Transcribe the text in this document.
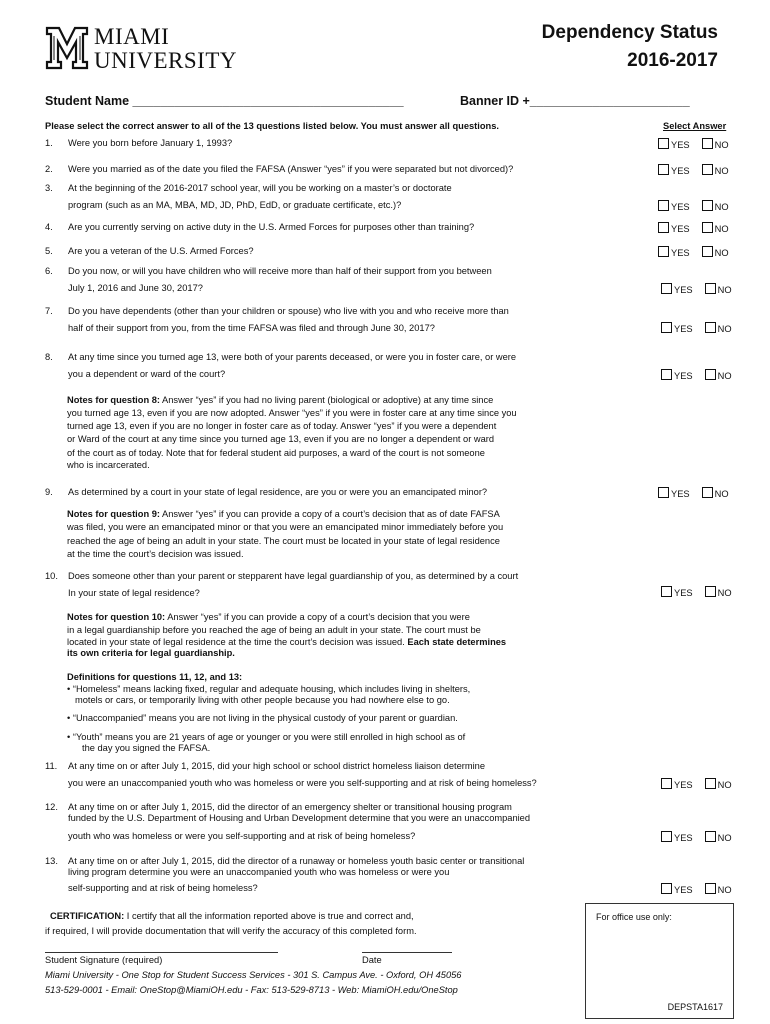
MIAMI
UNIVERSITY
Dependency Status
2016-2017
Student Name _______________________________________	Banner ID +_______________________
Please select the correct answer to all of the 13 questions listed below. You must answer all questions.	Select Answer
1. Were you born before January 1, 1993?	YES	NO
2. Were you married as of the date you filed the FAFSA (Answer “yes” if you were separated but not divorced)?	YES	NO
3. At the beginning of the 2016-2017 school year, will you be working on a master’s or doctorate
program (such as an MA, MBA, MD, JD, PhD, EdD, or graduate certificate, etc.)?	YES	NO
4. Are you currently serving on active duty in the U.S. Armed Forces for purposes other than training?	YES	NO
5. Are you a veteran of the U.S. Armed Forces?	YES	NO
6. Do you now, or will you have children who will receive more than half of their support from you between
July 1, 2016 and June 30, 2017?	YES	NO
7. Do you have dependents (other than your children or spouse) who live with you and who receive more than
half of their support from you, from the time FAFSA was filed and through June 30, 2017?	YES	NO
8. At any time since you turned age 13, were both of your parents deceased, or were you in foster care, or were
you a dependent or ward of the court?	YES	NO
9. As determined by a court in your state of legal residence, are you or were you an emancipated minor?	YES	NO
10. Does someone other than your parent or stepparent have legal guardianship of you, as determined by a court
In your state of legal residence?	YES	NO
11. At any time on or after July 1, 2015, did your high school or school district homeless liaison determine
you were an unaccompanied youth who was homeless or were you self-supporting and at risk of being homeless?	YES	NO
12. At any time on or after July 1, 2015, did the director of an emergency shelter or transitional housing program
funded by the U.S. Department of Housing and Urban Development determine that you were an unaccompanied
youth who was homeless or were you self-supporting and at risk of being homeless?	YES	NO
13. At any time on or after July 1, 2015, did the director of a runaway or homeless youth basic center or transitional
living program determine you were an unaccompanied youth who was homeless or were you
self-supporting and at risk of being homeless?	YES	NO
Notes for question 8: Answer “yes” if you had no living parent (biological or adoptive) at any time since
you turned age 13, even if you are now adopted. Answer “yes” if you were in foster care at any time since you
turned age 13, even if you are no longer in foster care as of today. Answer “yes” if you were a dependent
or Ward of the court at any time since you turned age 13, even if you are no longer a dependent or ward
of the court as of today. Note that for federal student aid purposes, a ward of the court is not someone
who is incarcerated.
Notes for question 9: Answer “yes” if you can provide a copy of a court’s decision that as of date FAFSA
was filed, you were an emancipated minor or that you were an emancipated minor immediately before you
reached the age of being an adult in your state. The court must be located in your state of legal residence
at the time the court’s decision was issued.
Notes for question 10: Answer “yes” if you can provide a copy of a court’s decision that you were
in a legal guardianship before you reached the age of being an adult in your state. The court must be
located in your state of legal residence at the time the court’s decision was issued. Each state determines
its own criteria for legal guardianship.
Definitions for questions 11, 12, and 13:
• “Homeless” means lacking fixed, regular and adequate housing, which includes living in shelters,
motels or cars, or temporarily living with other people because you had nowhere else to go.
• “Unaccompanied” means you are not living in the physical custody of your parent or guardian.
• “Youth” means you are 21 years of age or younger or you were still enrolled in high school as of
the day you signed the FAFSA.
CERTIFICATION: I certify that all the information reported above is true and correct and,
if required, I will provide documentation that will verify the accuracy of this completed form.
Student Signature (required)	Date
Miami University - One Stop for Student Success Services - 301 S. Campus Ave. - Oxford, OH 45056
513-529-0001 - Email: OneStop@MiamiOH.edu - Fax: 513-529-8713 - Web: MiamiOH.edu/OneStop
For office use only:
DEPSTA1617
